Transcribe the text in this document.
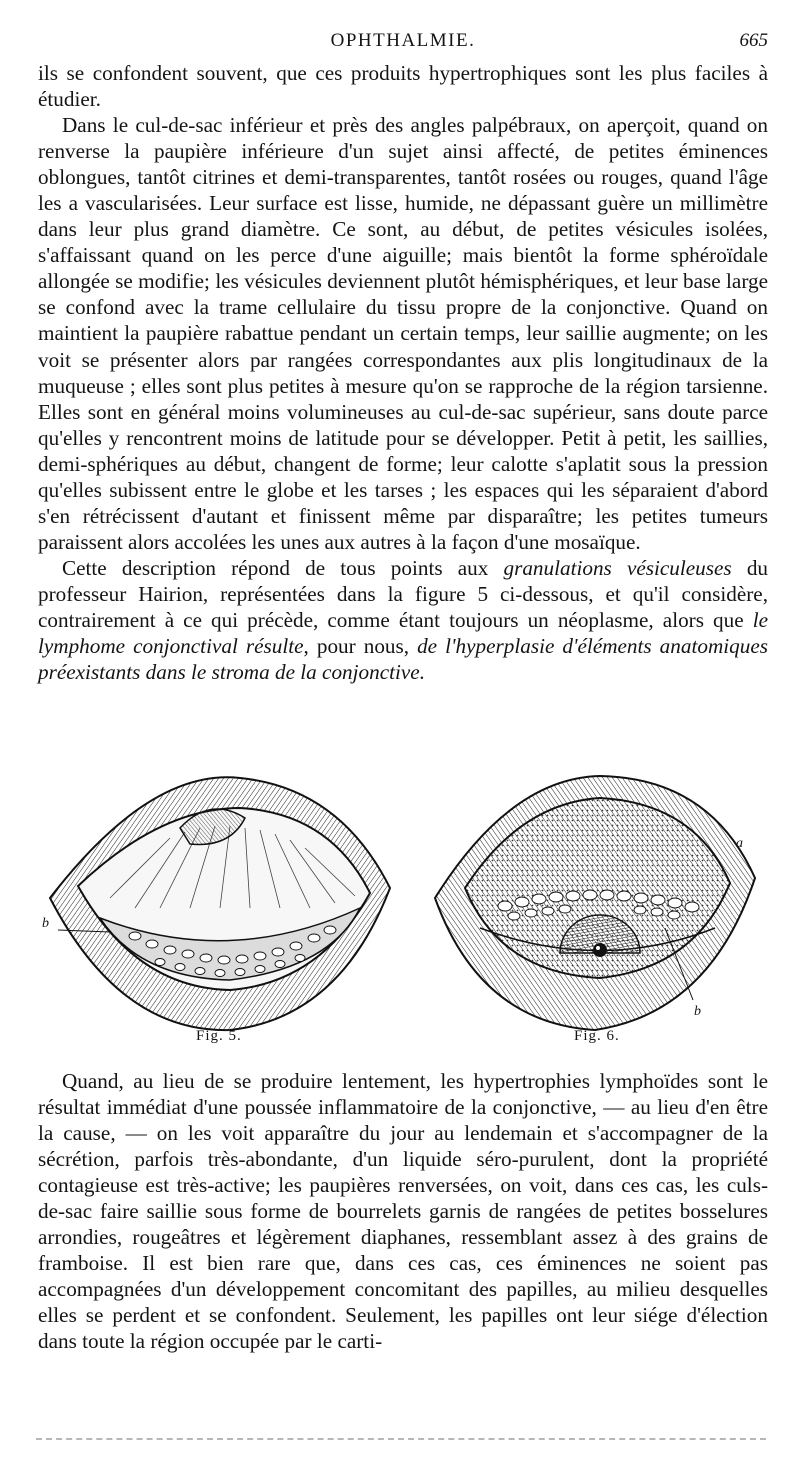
OPHTHALMIE.	665

ils se confondent souvent, que ces produits hypertrophiques sont les plus faciles à étudier.

Dans le cul-de-sac inférieur et près des angles palpébraux, on aperçoit, quand on renverse la paupière inférieure d'un sujet ainsi affecté, de petites éminences oblongues, tantôt citrines et demi-transparentes, tantôt rosées ou rouges, quand l'âge les a vascularisées. Leur surface est lisse, humide, ne dépassant guère un millimètre dans leur plus grand diamètre. Ce sont, au début, de petites vésicules isolées, s'affaissant quand on les perce d'une aiguille; mais bientôt la forme sphéroïdale allongée se modifie; les vésicules deviennent plutôt hémisphériques, et leur base large se confond avec la trame cellulaire du tissu propre de la conjonctive. Quand on maintient la paupière rabattue pendant un certain temps, leur saillie augmente; on les voit se présenter alors par rangées correspondantes aux plis longitudinaux de la muqueuse ; elles sont plus petites à mesure qu'on se rapproche de la région tarsienne. Elles sont en général moins volumineuses au cul-de-sac supérieur, sans doute parce qu'elles y rencontrent moins de latitude pour se développer. Petit à petit, les saillies, demi-sphériques au début, changent de forme; leur calotte s'aplatit sous la pression qu'elles subissent entre le globe et les tarses ; les espaces qui les séparaient d'abord s'en rétrécissent d'autant et finissent même par disparaître; les petites tumeurs paraissent alors accolées les unes aux autres à la façon d'une mosaïque.

Cette description répond de tous points aux granulations vésiculeuses du professeur Hairion, représentées dans la figure 5 ci-dessous, et qu'il considère, contrairement à ce qui précède, comme étant toujours un néoplasme, alors que le lymphome conjonctival résulte, pour nous, de l'hyperplasie d'éléments anatomiques préexistants dans le stroma de la conjonctive.

b
a
b
Fig. 5.	Fig. 6.

Quand, au lieu de se produire lentement, les hypertrophies lymphoïdes sont le résultat immédiat d'une poussée inflammatoire de la conjonctive, — au lieu d'en être la cause, — on les voit apparaître du jour au lendemain et s'accompagner de la sécrétion, parfois très-abondante, d'un liquide séro-purulent, dont la propriété contagieuse est très-active; les paupières renversées, on voit, dans ces cas, les culs-de-sac faire saillie sous forme de bourrelets garnis de rangées de petites bosselures arrondies, rougeâtres et légèrement diaphanes, ressemblant assez à des grains de framboise. Il est bien rare que, dans ces cas, ces éminences ne soient pas accompagnées d'un développement concomitant des papilles, au milieu desquelles elles se perdent et se confondent. Seulement, les papilles ont leur siége d'élection dans toute la région occupée par le carti-
